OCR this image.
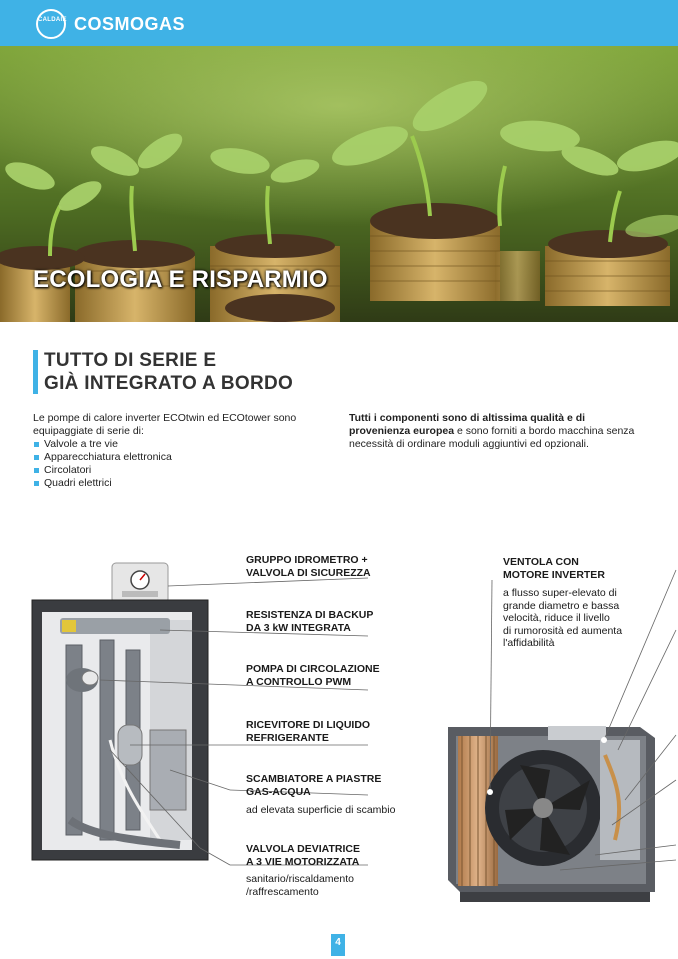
CALDAIE COSMOGAS
ECOLOGIA E RISPARMIO
TUTTO DI SERIE E
GIÀ INTEGRATO A BORDO
Le pompe di calore inverter ECOtwin ed ECOtower sono equipaggiate di serie di:
Valvole a tre vie
Apparecchiatura elettronica
Circolatori
Quadri elettrici
Tutti i componenti sono di altissima qualità e di provenienza europea e sono forniti a bordo macchina senza necessità di ordinare moduli aggiuntivi ed opzionali.
GRUPPO IDROMETRO +
VALVOLA DI SICUREZZA
RESISTENZA DI BACKUP
DA 3 kW INTEGRATA
POMPA DI CIRCOLAZIONE
A CONTROLLO PWM
RICEVITORE DI LIQUIDO
REFRIGERANTE
SCAMBIATORE A PIASTRE
GAS-ACQUA
ad elevata superficie di scambio
VALVOLA DEVIATRICE
A 3 VIE MOTORIZZATA
sanitario/riscaldamento
/raffrescamento
VENTOLA CON
MOTORE INVERTER
a flusso super-elevato di
grande diametro e bassa
velocità, riduce il livello
di rumorosità ed aumenta
l'affidabilità
4
